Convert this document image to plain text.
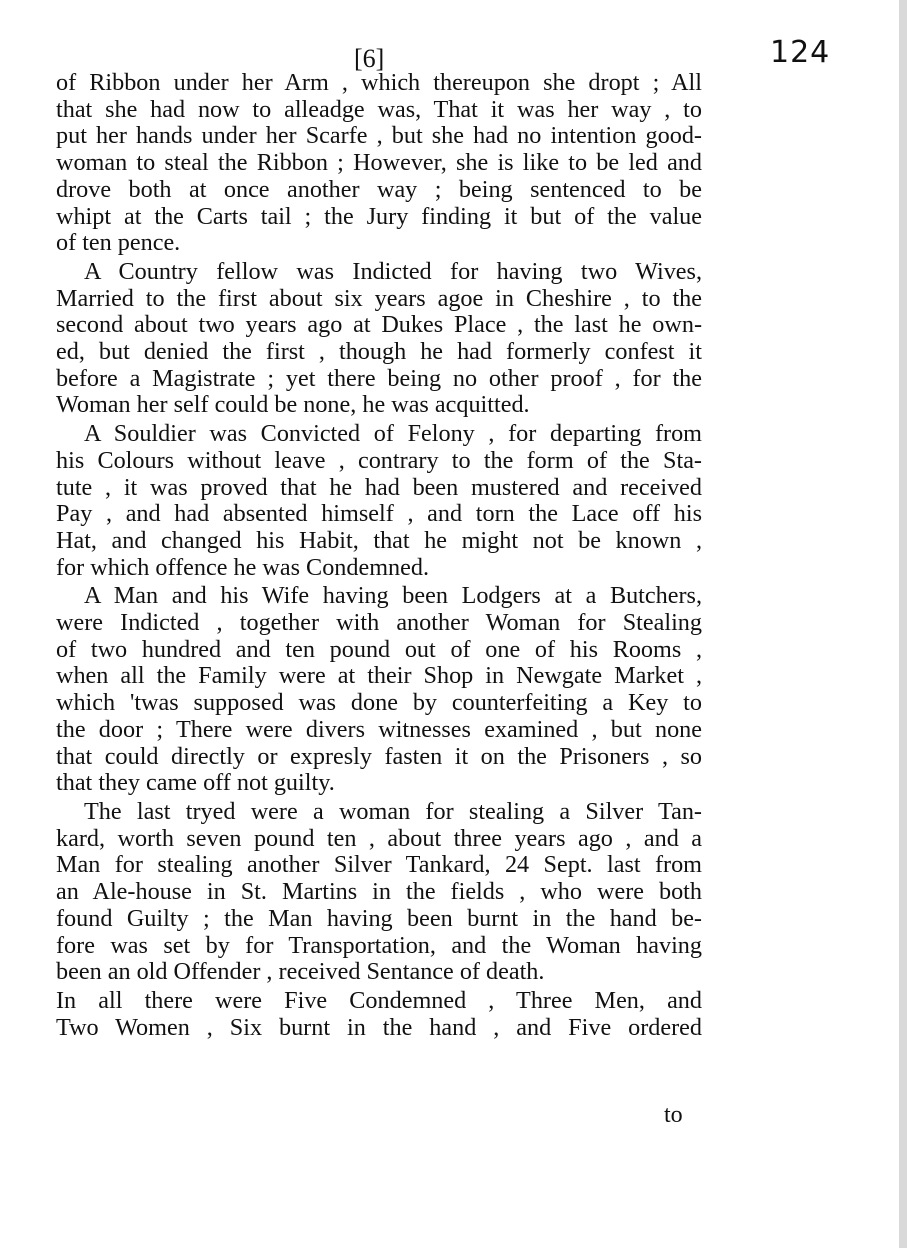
[6]	124

of Ribbon under her Arm , which thereupon she dropt ; All
that she had now to alleadge was, That it was her way , to
put her hands under her Scarfe , but she had no intention good-
woman to steal the Ribbon ; However, she is like to be led and
drove both at once another way ; being sentenced to be
whipt at the Carts tail ; the Jury finding it but of the value
of ten pence.

A Country fellow was Indicted for having two Wives,
Married to the first about six years agoe in Cheshire , to the
second about two years ago at Dukes Place , the last he own-
ed, but denied the first , though he had formerly confest it
before a Magistrate ; yet there being no other proof , for the
Woman her self could be none, he was acquitted.

A Souldier was Convicted of Felony , for departing from
his Colours without leave , contrary to the form of the Sta-
tute , it was proved that he had been mustered and received
Pay , and had absented himself , and torn the Lace off his
Hat, and changed his Habit, that he might not be known ,
for which offence he was Condemned.

A Man and his Wife having been Lodgers at a Butchers,
were Indicted , together with another Woman for Stealing
of two hundred and ten pound out of one of his Rooms ,
when all the Family were at their Shop in Newgate Market ,
which 'twas supposed was done by counterfeiting a Key to
the door ; There were divers witnesses examined , but none
that could directly or expresly fasten it on the Prisoners , so
that they came off not guilty.

The last tryed were a woman for stealing a Silver Tan-
kard, worth seven pound ten , about three years ago , and a
Man for stealing another Silver Tankard, 24 Sept. last from
an Ale-house in St. Martins in the fields , who were both
found Guilty ; the Man having been burnt in the hand be-
fore was set by for Transportation, and the Woman having
been an old Offender , received Sentance of death.

In all there were Five Condemned , Three Men, and
Two Women , Six burnt in the hand , and Five ordered

to
